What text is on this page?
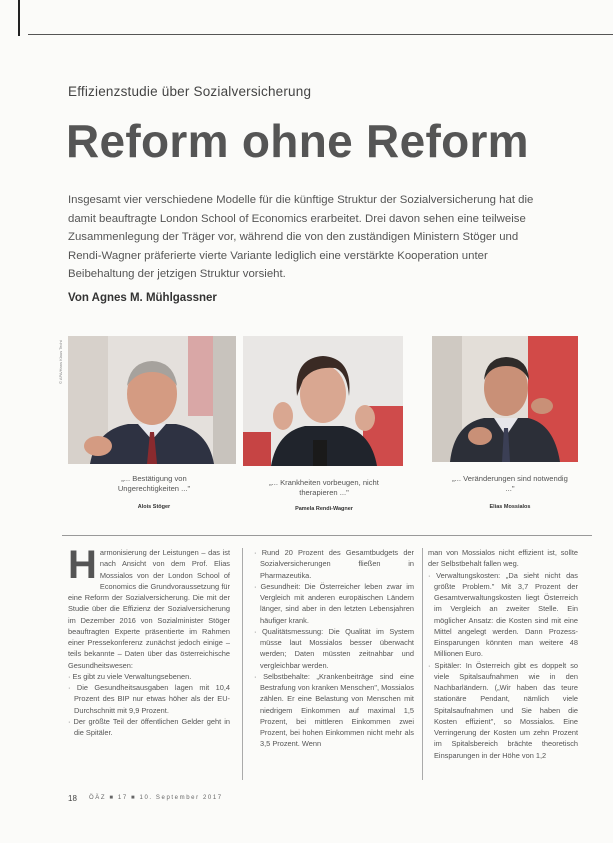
Effizienzstudie über Sozialversicherung
Reform ohne Reform

Insgesamt vier verschiedene Modelle für die künftige Struktur der Sozialversicherung hat die damit beauftragte London School of Economics erarbeitet. Drei davon sehen eine teilweise Zusammenlegung der Träger vor, während die von den zuständigen Ministern Stöger und Rendi-Wagner präferierte vierte Variante lediglich eine verstärkte Kooperation unter Beibehaltung der jetzigen Struktur vorsieht.

Von Agnes M. Mühlgassner
© APA/Hans Klaus Techt
„... Bestätigung von Ungerechtigkeiten ..."
Alois Stöger
„... Krankheiten vorbeugen, nicht therapieren ..."
Pamela Rendi-Wagner
„... Veränderungen sind notwendig ..."
Elias Mossialos

Harmonisierung der Leistungen – das ist nach Ansicht von dem Prof. Elias Mossialos von der London School of Economics die Grundvoraussetzung für eine Reform der Sozialversicherung. Die mit der Studie über die Effizienz der Sozialversicherung im Dezember 2016 von Sozialminister Stöger beauftragten Experte präsentierte im Rahmen einer Pressekonferenz zunächst jedoch einige – teils bekannte – Daten über das österreichische Gesundheitswesen:

· Es gibt zu viele Verwaltungsebenen.
· Die Gesundheitsausgaben lagen mit 10,4 Prozent des BIP nur etwas höher als der EU-Durchschnitt mit 9,9 Prozent.
· Der größte Teil der öffentlichen Gelder geht in die Spitäler.
· Rund 20 Prozent des Gesamtbudgets der Sozialversicherungen fließen in Pharmazeutika.
· Gesundheit: Die Österreicher leben zwar im Vergleich mit anderen europäischen Ländern länger, sind aber in den letzten Lebensjahren häufiger krank.
· Qualitätsmessung: Die Qualität im System müsse laut Mossialos besser überwacht werden; Daten müssten zeitnahbar und vergleichbar werden.
· Selbstbehalte: „Krankenbeiträge sind eine Bestrafung von kranken Menschen", Mossialos zählen. Er eine Belastung von Menschen mit niedrigem Einkommen auf maximal 1,5 Prozent, bei mittleren Einkommen zwei Prozent, bei hohen Einkommen nicht mehr als 3,5 Prozent. Wenn

man von Mossialos nicht effizient ist, sollte der Selbstbehalt fallen weg.

· Verwaltungskosten: „Da sieht nicht das größte Problem." Mit 3,7 Prozent der Gesamtverwaltungskosten liegt Österreich im Vergleich an zweiter Stelle. Ein möglicher Ansatz: die Kosten sind mit eine Mittel angelegt werden. Dann Prozess-Einsparungen könnten man weitere 48 Millionen Euro.
· Spitäler: In Österreich gibt es doppelt so viele Spitalsaufnahmen wie in den Nachbarländern. („Wir haben das teure stationäre Pendant, nämlich viele Spitalsaufnahmen und Sie haben die Kosten effizient", so Mossialos. Eine Verringerung der Kosten um zehn Prozent im Spitalsbereich brächte theoretisch Einsparungen in der Höhe von 1,2
18 ÖÄZ ■ 17 ■ 10. September 2017
